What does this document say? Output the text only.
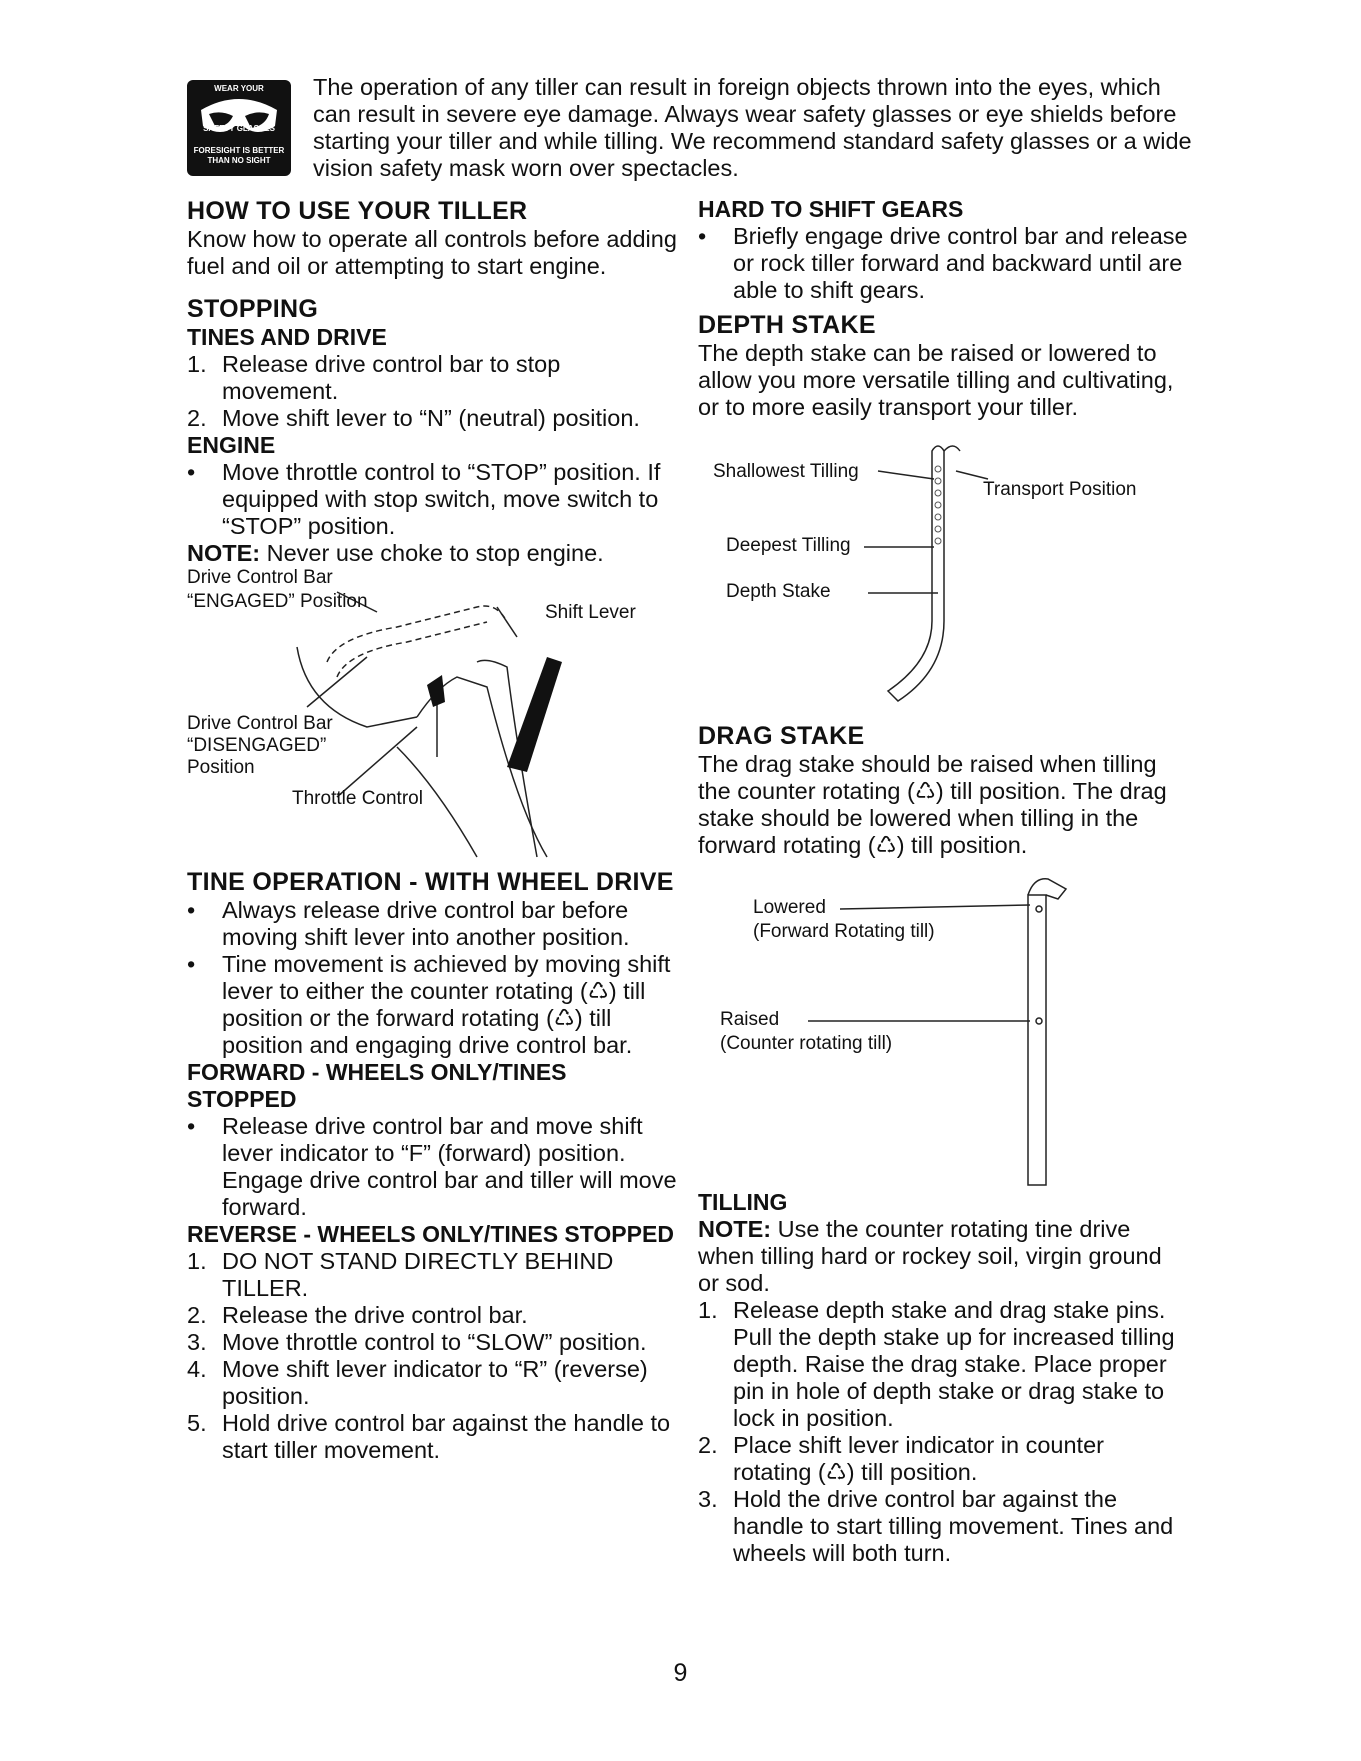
WEAR YOUR
SAFETY GLASSES
FORESIGHT IS BETTER
THAN NO SIGHT
The operation of any tiller can result in foreign objects thrown into the eyes, which can result in severe eye damage. Always wear safety glasses or eye shields before starting your tiller and while tilling. We recommend standard safety glasses or a wide vision safety mask worn over spectacles.
HOW TO USE YOUR TILLER

Know how to operate all controls before adding fuel and oil or attempting to start engine.

STOPPING
TINES AND DRIVE
1. Release drive control bar to stop movement.
2. Move shift lever to “N” (neutral) position.
ENGINE
• Move throttle control to “STOP” position. If equipped with stop switch, move switch to “STOP” position.

NOTE: Never use choke to stop engine.

Drive Control Bar
“ENGAGED” Position
Shift Lever
Drive Control Bar
“DISENGAGED”
Position
Throttle Control
TINE OPERATION - WITH WHEEL DRIVE
• Always release drive control bar before moving shift lever into another position.
• Tine movement is achieved by moving shift lever to either the counter rotating (♺) till position or the forward rotating (♺) till position and engaging drive control bar.
FORWARD - WHEELS ONLY/TINES STOPPED
• Release drive control bar and move shift lever indicator to “F” (forward) position. Engage drive control bar and tiller will move forward.
REVERSE - WHEELS ONLY/TINES STOPPED
1. DO NOT STAND DIRECTLY BEHIND TILLER.
2. Release the drive control bar.
3. Move throttle control to “SLOW” position.
4. Move shift lever indicator to “R” (reverse) position.
5. Hold drive control bar against the handle to start tiller movement.
HARD TO SHIFT GEARS
• Briefly engage drive control bar and release or rock tiller forward and backward until are able to shift gears.
DEPTH STAKE

The depth stake can be raised or lowered to allow you more versatile tilling and cultivating, or to more easily transport your tiller.

Shallowest Tilling
Transport Position
Deepest Tilling
Depth Stake
DRAG STAKE

The drag stake should be raised when tilling the counter rotating (♺) till position. The drag stake should be lowered when tilling in the forward rotating (♺) till position.

Lowered
(Forward Rotating till)
Raised
(Counter rotating till)
TILLING

NOTE: Use the counter rotating tine drive when tilling hard or rockey soil, virgin ground or sod.

1. Release depth stake and drag stake pins. Pull the depth stake up for increased tilling depth. Raise the drag stake. Place proper pin in hole of depth stake or drag stake to lock in position.
2. Place shift lever indicator in counter rotating (♺) till position.
3. Hold the drive control bar against the handle to start tilling movement. Tines and wheels will both turn.
9
